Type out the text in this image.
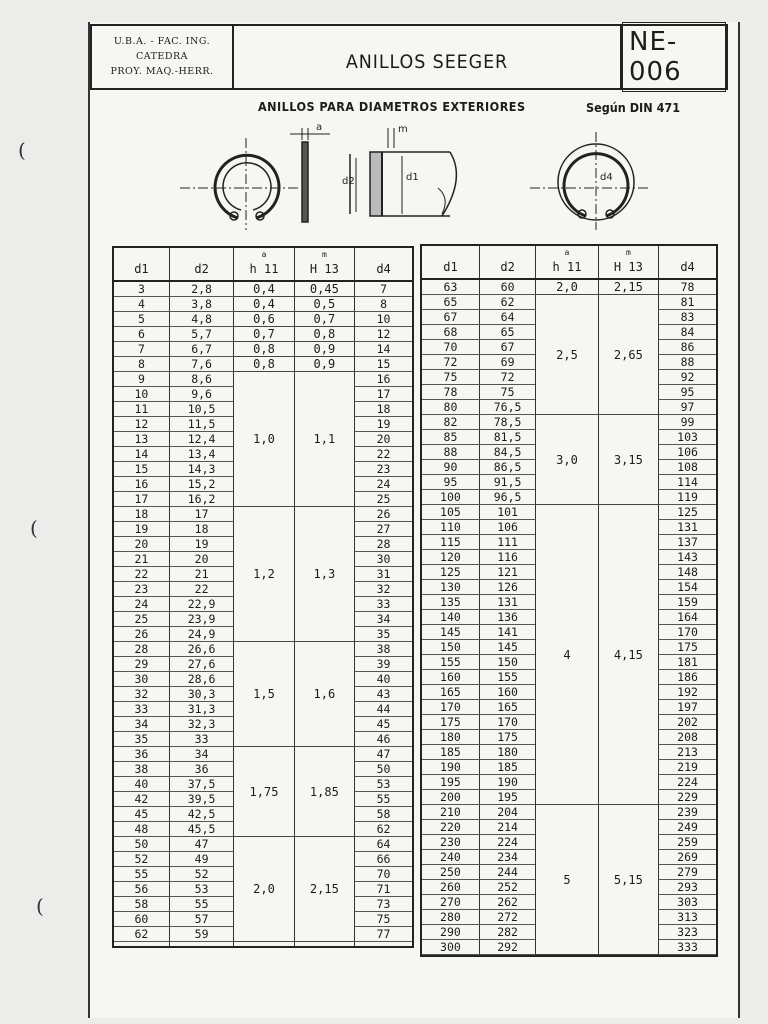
(
(
(
U.B.A. - FAC. ING.
CATEDRA
PROY. MAQ.-HERR.	ANILLOS SEEGER
NE-006
ANILLOS PARA DIAMETROS EXTERIORES	Según DIN 471
a	m
d2	d1	d4
d1	d2	a
h 11	m
H 13	d4
3	2,8	0,4	0,45	7
4	3,8	0,4	0,5	8
5	4,8	0,6	0,7	10
6	5,7	0,7	0,8	12
7	6,7	0,8	0,9	14
8	7,6	0,8	0,9	15
9	8,6	1,0	1,1	16
10	9,6			17
11	10,5			18
12	11,5			19
13	12,4			20
14	13,4			22
15	14,3			23
16	15,2			24
17	16,2			25
18	17	1,2	1,3	26
19	18			27
20	19			28
21	20			30
22	21			31
23	22			32
24	22,9			33
25	23,9			34
26	24,9			35
28	26,6	1,5	1,6	38
29	27,6			39
30	28,6			40
32	30,3			43
33	31,3			44
34	32,3			45
35	33			46
36	34	1,75	1,85	47
38	36			50
40	37,5			53
42	39,5			55
45	42,5			58
48	45,5			62
50	47	2,0	2,15	64
52	49			66
55	52			70
56	53			71
58	55			73
60	57			75
62	59			77

d1	d2	a
h 11	m
H 13	d4
63	60	2,0	2,15	78
65	62	2,5	2,65	81
67	64			83
68	65			84
70	67			86
72	69			88
75	72			92
78	75			95
80	76,5			97
82	78,5	3,0	3,15	99
85	81,5			103
88	84,5			106
90	86,5			108
95	91,5			114
100	96,5			119
105	101	4	4,15	125
110	106			131
115	111			137
120	116			143
125	121			148
130	126			154
135	131			159
140	136			164
145	141			170
150	145			175
155	150			181
160	155			186
165	160			192
170	165			197
175	170			202
180	175			208
185	180			213
190	185			219
195	190			224
200	195			229
210	204	5	5,15	239
220	214			249
230	224			259
240	234			269
250	244			279
260	252			293
270	262			303
280	272			313
290	282			323
300	292			333
